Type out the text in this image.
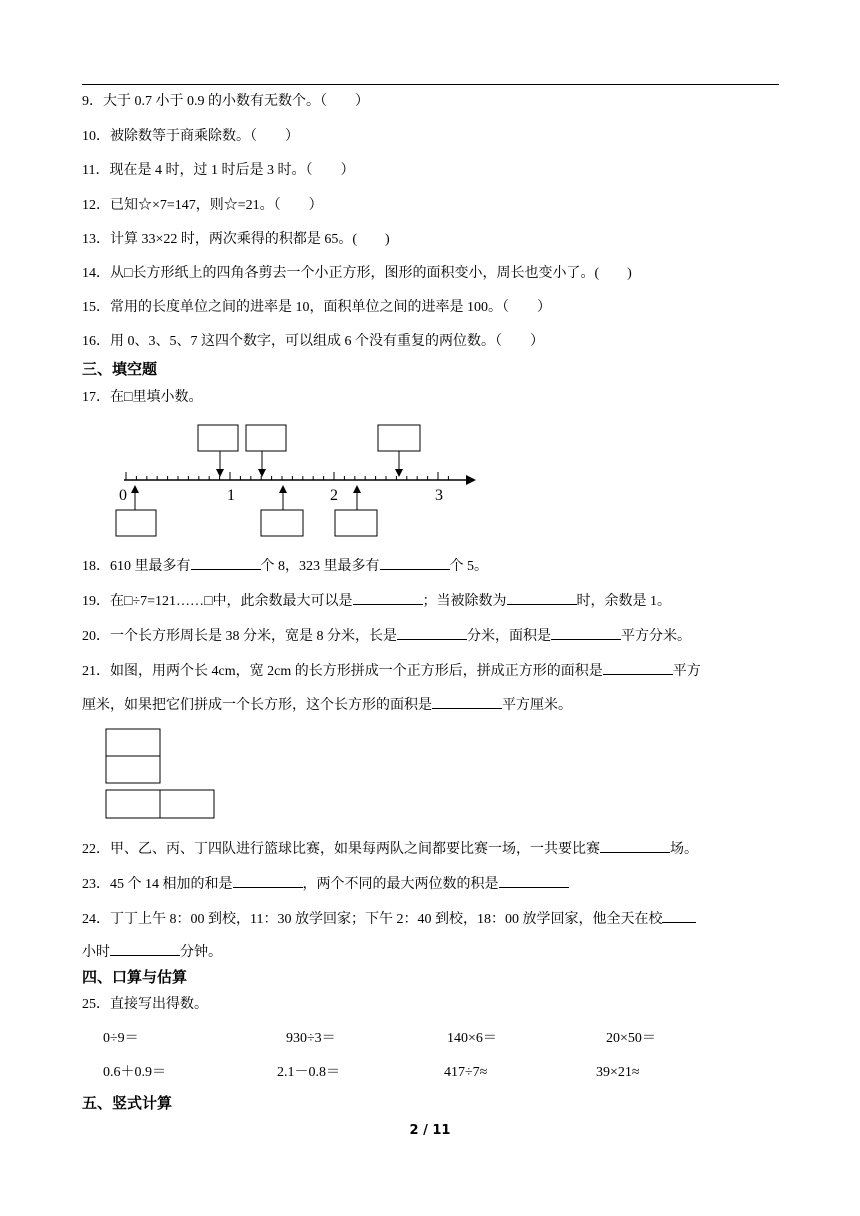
9．大于 0.7 小于 0.9 的小数有无数个。（　　）
10．被除数等于商乘除数。（　　）
11．现在是 4 时，过 1 时后是 3 时。（　　）
12．已知☆×7=147，则☆=21。（　　）
13．计算 33×22 时，两次乘得的积都是 65。(　　)
14．从□长方形纸上的四角各剪去一个小正方形，图形的面积变小，周长也变小了。(　　)
15．常用的长度单位之间的进率是 10，面积单位之间的进率是 100。（　　）
16．用 0、3、5、7 这四个数字，可以组成 6 个没有重复的两位数。（　　）
三、填空题
17．在□里填小数。
0	1	2	3
18．610 里最多有	个 8，323 里最多有	个 5。
19．在□÷7=121……□中，此余数最大可以是	；当被除数为	时，余数是 1。
20．一个长方形周长是 38 分米，宽是 8 分米，长是	分米，面积是	平方分米。
21．如图，用两个长 4cm，宽 2cm 的长方形拼成一个正方形后，拼成正方形的面积是	平方
厘米，如果把它们拼成一个长方形，这个长方形的面积是	平方厘米。
22．甲、乙、丙、丁四队进行篮球比赛，如果每两队之间都要比赛一场，一共要比赛	场。
23．45 个 14 相加的和是	，两个不同的最大两位数的积是
24．丁丁上午 8：00 到校，11：30 放学回家；下午 2：40 到校，18：00 放学回家，他全天在校
小时	分钟。
四、口算与估算
25．直接写出得数。
0÷9＝	930÷3＝	140×6＝	20×50＝
0.6＋0.9＝	2.1－0.8＝	417÷7≈	39×21≈
五、竖式计算
2 / 11
